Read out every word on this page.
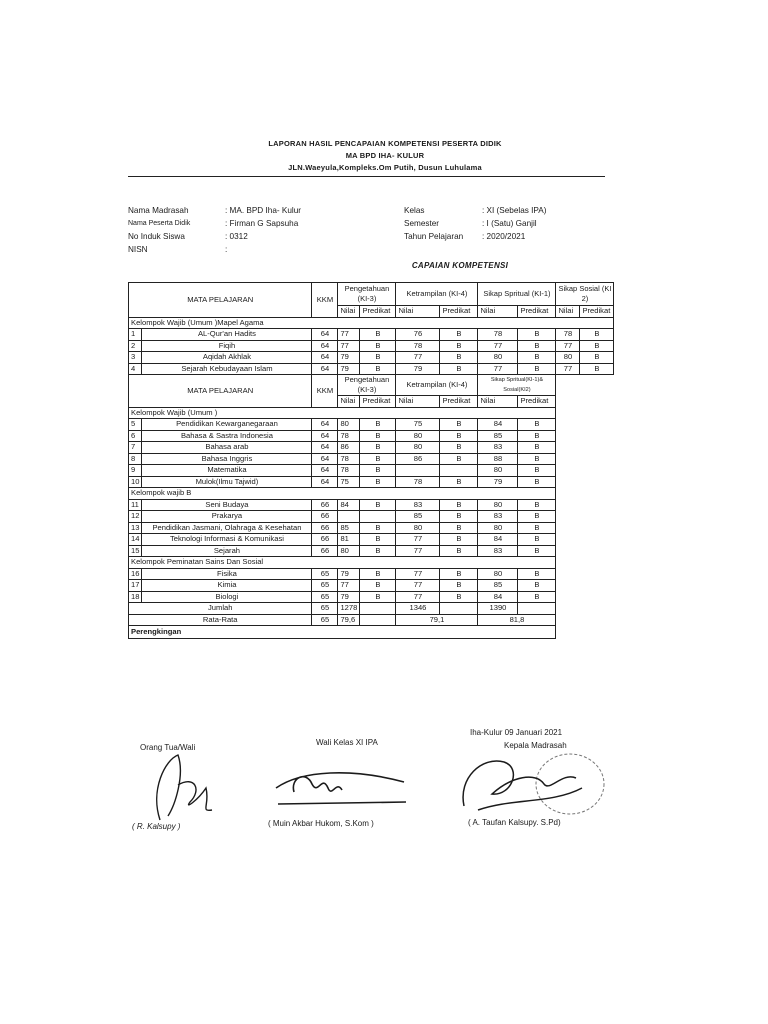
LAPORAN HASIL PENCAPAIAN KOMPETENSI PESERTA DIDIK
MA BPD IHA- KULUR
JLN.Waeyula,Kompleks.Om Putih, Dusun Luhulama
Nama Madrasah	: MA. BPD Iha- Kulur
Nama Peserta Didik	: Firman G Sapsuha
No Induk Siswa	: 0312
NISN	:
Kelas	: XI (Sebelas IPA)
Semester	: I (Satu) Ganjil
Tahun Pelajaran	: 2020/2021
CAPAIAN KOMPETENSI
MATA PELAJARAN		KKM	Pengetahuan (KI-3)		Ketrampilan (KI-4)		Sikap Spritual (KI-1)		Sikap Sosial (KI 2)	
			Nilai	Predikat	Nilai	Predikat	Nilai	Predikat	Nilai	Predikat
Kelompok Wajib (Umum )Mapel Agama										
1	AL-Qur'an Hadits	64	77	B	76	B	78	B	78	B
2	Fiqih	64	77	B	78	B	77	B	77	B
3	Aqidah Akhlak	64	79	B	77	B	80	B	80	B
4	Sejarah Kebudayaan Islam	64	79	B	79	B	77	B	77	B
MATA PELAJARAN		KKM	Pengetahuan (KI-3)		Ketrampilan (KI-4)		Sikap Spritual(KI-1)& Sosial(KI2)			
			Nilai	Predikat	Nilai	Predikat	Nilai	Predikat		
Kelompok Wajib (Umum )										
5	Pendidikan Kewarganegaraan	64	80	B	75	B	84	B		
6	Bahasa & Sastra Indonesia	64	78	B	80	B	85	B		
7	Bahasa arab	64	86	B	80	B	83	B		
8	Bahasa Inggris	64	78	B	86	B	88	B		
9	Matematika	64	78	B			80	B		
10	Mulok(Ilmu Tajwid)	64	75	B	78	B	79	B		
Kelompok wajib B										
11	Seni Budaya	66	84	B	83	B	80	B		
12	Prakarya	66			85	B	83	B		
13	Pendidikan Jasmani, Olahraga & Kesehatan	66	85	B	80	B	80	B		
14	Teknologi Informasi & Komunikasi	66	81	B	77	B	84	B		
15	Sejarah	66	80	B	77	B	83	B		
Kelompok Peminatan Sains Dan Sosial										
16	Fisika	65	79	B	77	B	80	B		
17	Kimia	65	77	B	77	B	85	B		
18	Biologi	65	79	B	77	B	84	B		
Jumlah		65	1278		1346		1390			
Rata-Rata		65	79,6		79,1		81,8			
Perengkingan										
Iha-Kulur 09 Januari 2021
Orang Tua/Wali
Wali Kelas XI IPA	Kepala Madrasah
( R. Kalsupy )	( Muin Akbar Hukom, S.Kom )	( A. Taufan Kalsupy. S.Pd)
